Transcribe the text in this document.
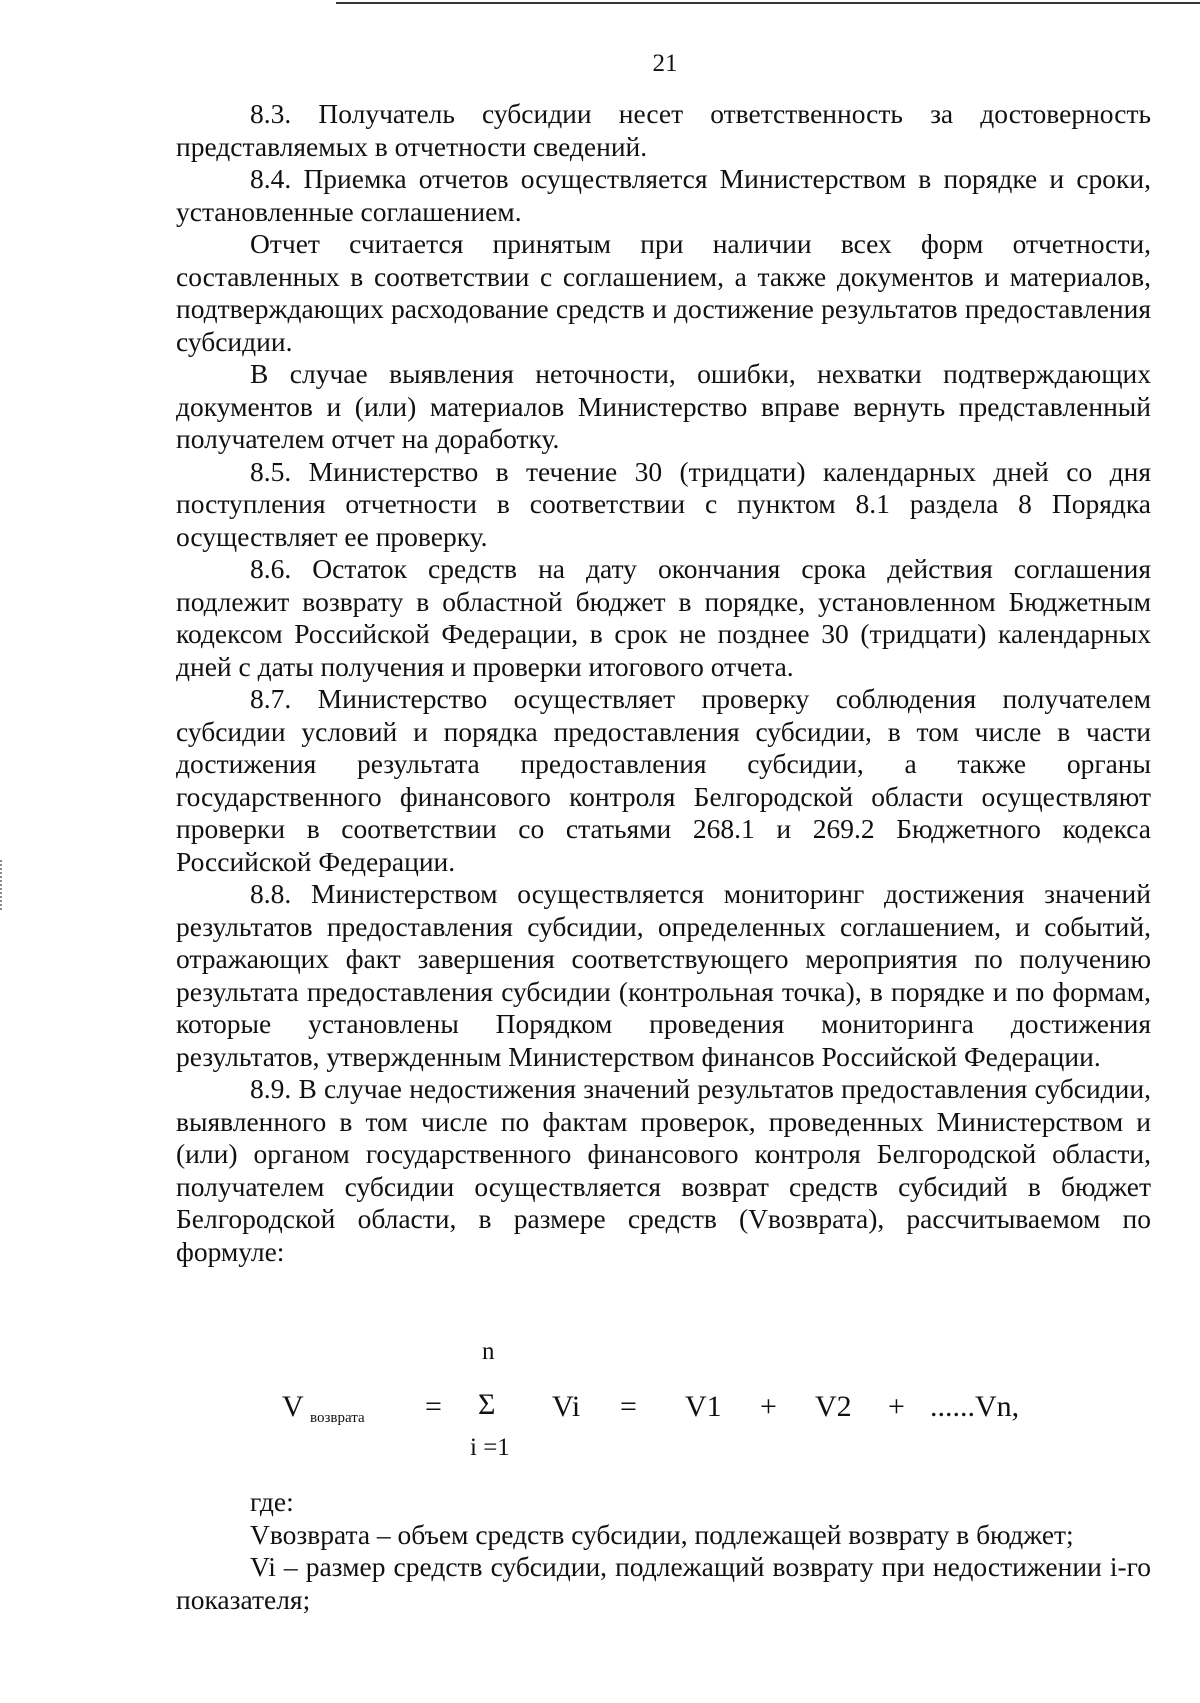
21

8.3. Получатель субсидии несет ответственность за достоверность представляемых в отчетности сведений.

8.4. Приемка отчетов осуществляется Министерством в порядке и сроки, установленные соглашением.

Отчет считается принятым при наличии всех форм отчетности, составленных в соответствии с соглашением, а также документов и материалов, подтверждающих расходование средств и достижение результатов предоставления субсидии.

В случае выявления неточности, ошибки, нехватки подтверждающих документов и (или) материалов Министерство вправе вернуть представленный получателем отчет на доработку.

8.5. Министерство в течение 30 (тридцати) календарных дней со дня поступления отчетности в соответствии с пунктом 8.1 раздела 8 Порядка осуществляет ее проверку.

8.6. Остаток средств на дату окончания срока действия соглашения подлежит возврату в областной бюджет в порядке, установленном Бюджетным кодексом Российской Федерации, в срок не позднее 30 (тридцати) календарных дней с даты получения и проверки итогового отчета.

8.7. Министерство осуществляет проверку соблюдения получателем субсидии условий и порядка предоставления субсидии, в том числе в части достижения результата предоставления субсидии, а также органы государственного финансового контроля Белгородской области осуществляют проверки в соответствии со статьями 268.1 и 269.2 Бюджетного кодекса Российской Федерации.

8.8. Министерством осуществляется мониторинг достижения значений результатов предоставления субсидии, определенных соглашением, и событий, отражающих факт завершения соответствующего мероприятия по получению результата предоставления субсидии (контрольная точка), в порядке и по формам, которые установлены Порядком проведения мониторинга достижения результатов, утвержденным Министерством финансов Российской Федерации.

8.9. В случае недостижения значений результатов предоставления субсидии, выявленного в том числе по фактам проверок, проведенных Министерством и (или) органом государственного финансового контроля Белгородской области, получателем субсидии осуществляется возврат средств субсидий в бюджет Белгородской области, в размере средств (Vвозврата), рассчитываемом по формуле:

n
V возврата = Σ Vi = V1 + V2 + ......Vn,
i =1

где:

Vвозврата – объем средств субсидии, подлежащей возврату в бюджет;

Vi – размер средств субсидии, подлежащий возврату при недостижении i-го показателя;
